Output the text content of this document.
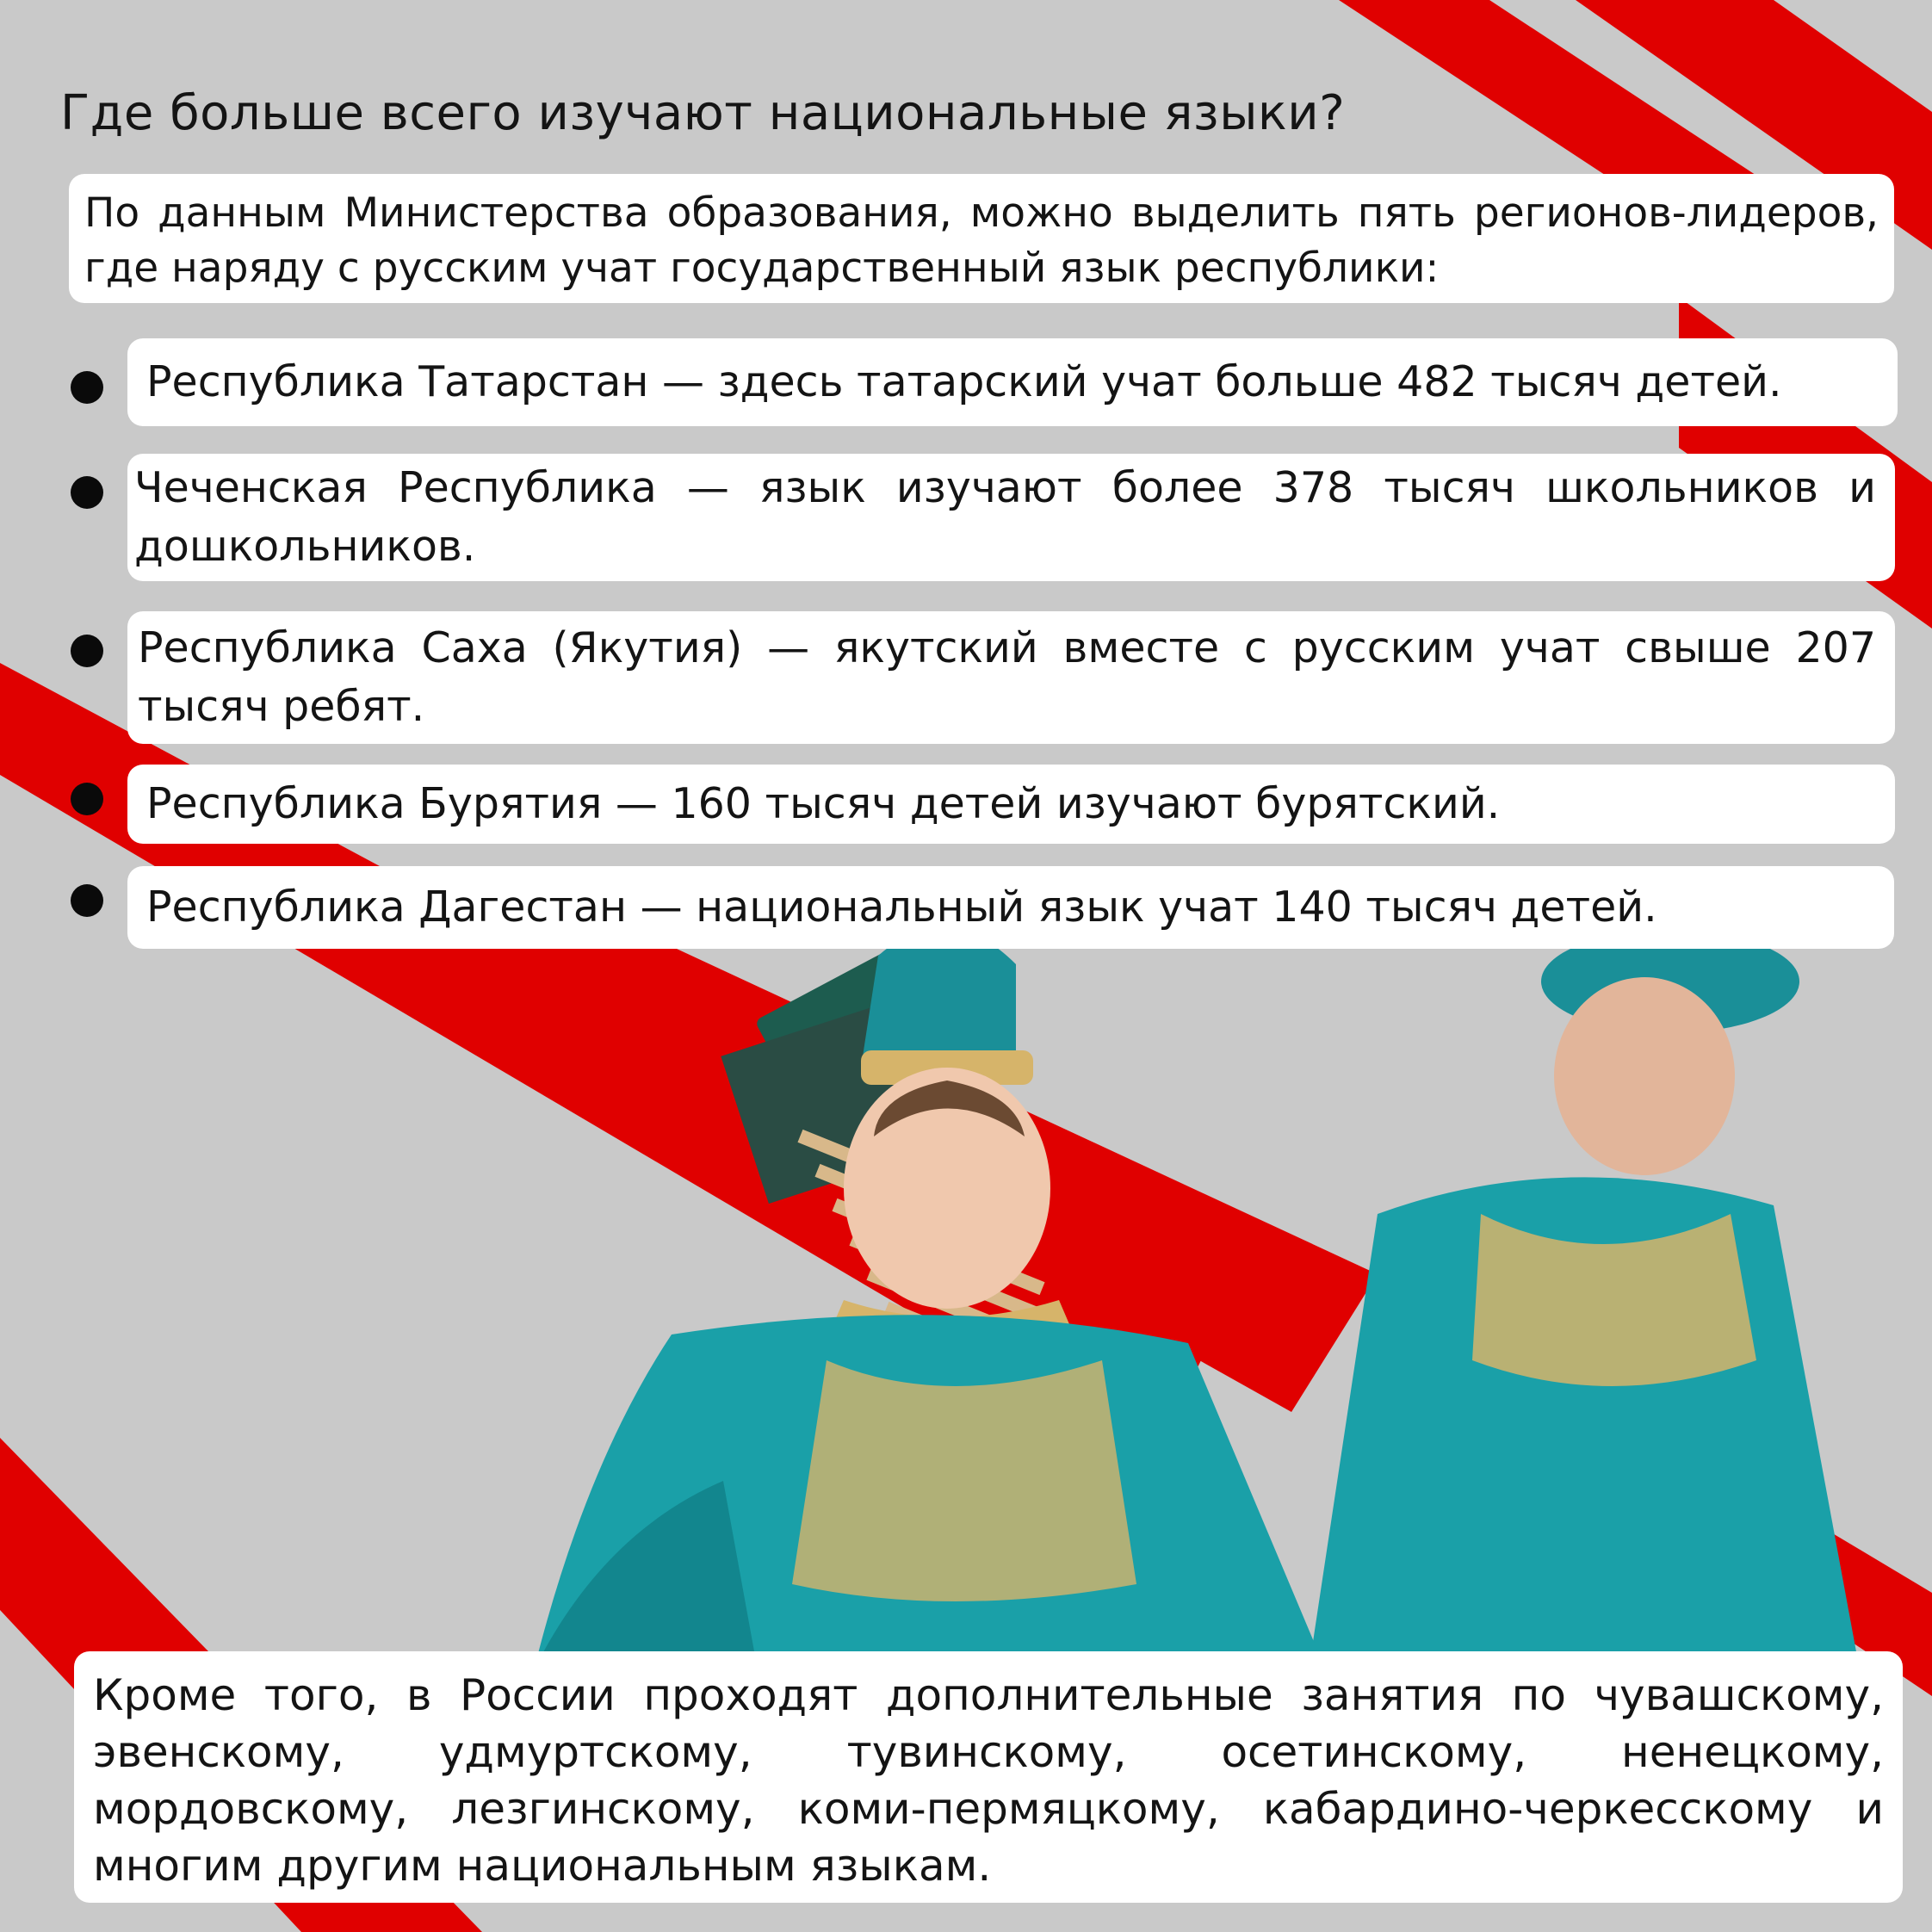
Где больше всего изучают национальные языки?

По данным Министерства образования, можно выделить пять регионов-лидеров, где наряду с русским учат государственный язык республики:

Республика Татарстан — здесь татарский учат больше 482 тысяч детей.

Чеченская Республика — язык изучают более 378 тысяч школьников и дошкольников.

Республика Саха (Якутия) — якутский вместе с русским учат свыше 207 тысяч ребят.

Республика Бурятия — 160 тысяч детей изучают бурятский.

Республика Дагестан — национальный язык учат 140 тысяч детей.

Кроме того, в России проходят дополнительные занятия по чувашскому, эвенскому, удмуртскому, тувинскому, осетинскому, ненецкому, мордовскому, лезгинскому, коми-пермяцкому, кабардино-черкесскому и многим другим национальным языкам.
